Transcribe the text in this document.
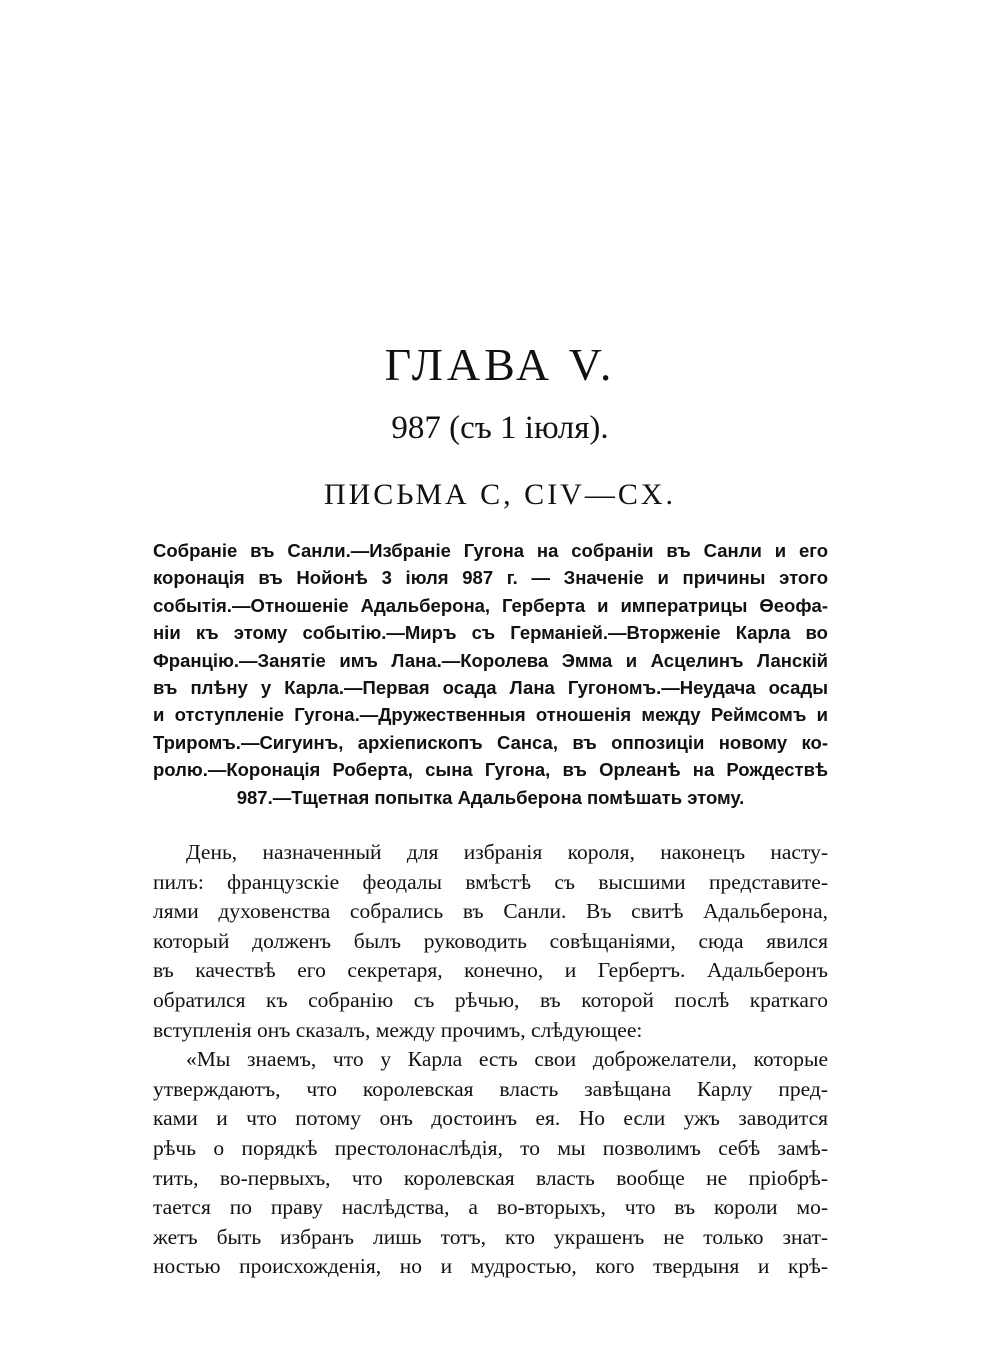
ГЛАВА V.
987 (съ 1 іюля).
ПИСЬМА С, CIV—CX.
Собраніе въ Санли.—Избраніе Гугона на собраніи въ Санли и его
коронація въ Нойонѣ 3 іюля 987 г. — Значеніе и причины этого
событія.—Отношеніе Адальберона, Герберта и императрицы Өеофа-
ніи къ этому событію.—Миръ съ Германіей.—Вторженіе Карла во
Францію.—Занятіе имъ Лана.—Королева Эмма и Асцелинъ Ланскій
въ плѣну у Карла.—Первая осада Лана Гугономъ.—Неудача осады
и отступленіе Гугона.—Дружественныя отношенія между Реймсомъ и
Триромъ.—Сигуинъ, архіепископъ Санса, въ оппозиціи новому ко-
ролю.—Коронація Роберта, сына Гугона, въ Орлеанѣ на Рождествѣ
987.—Тщетная попытка Адальберона помѣшать этому.
День, назначенный для избранія короля, наконецъ насту-
пилъ: французскіе феодалы вмѣстѣ съ высшими представите-
лями духовенства собрались въ Санли. Въ свитѣ Адальберона,
который долженъ былъ руководить совѣщаніями, сюда явился
въ качествѣ его секретаря, конечно, и Гербертъ. Адальберонъ
обратился къ собранію съ рѣчью, въ которой послѣ краткаго
вступленія онъ сказалъ, между прочимъ, слѣдующее:
«Мы знаемъ, что у Карла есть свои доброжелатели, которые
утверждаютъ, что королевская власть завѣщана Карлу пред-
ками и что потому онъ достоинъ ея. Но если ужъ заводится
рѣчь о порядкѣ престолонаслѣдія, то мы позволимъ себѣ замѣ-
тить, во-первыхъ, что королевская власть вообще не пріобрѣ-
тается по праву наслѣдства, а во-вторыхъ, что въ короли мо-
жетъ быть избранъ лишь тотъ, кто украшенъ не только знат-
ностью происхожденія, но и мудростью, кого твердыня и крѣ-
